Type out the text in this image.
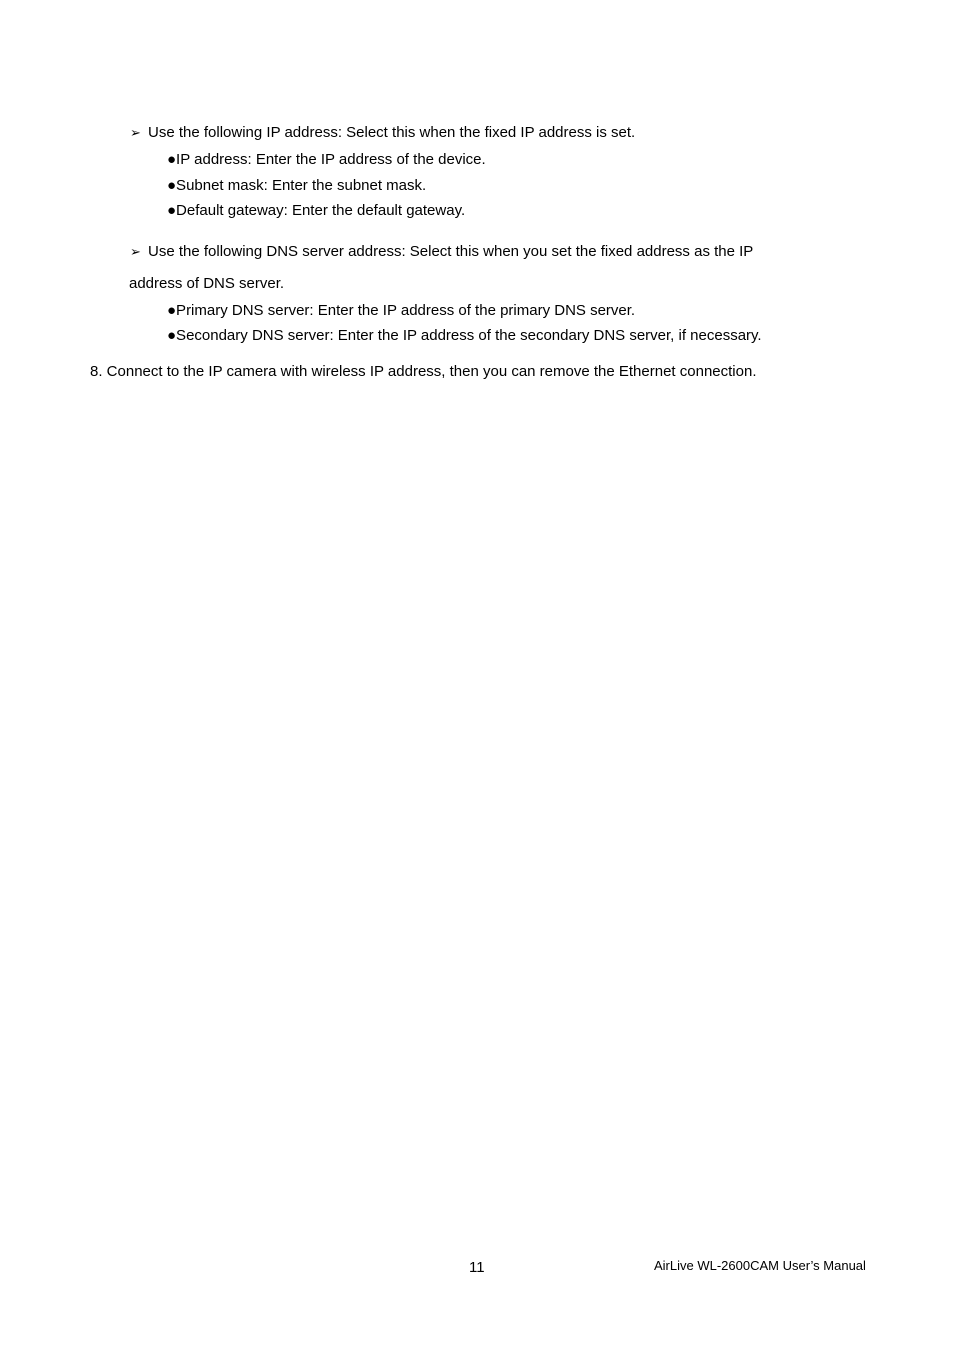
➢ Use the following IP address: Select this when the fixed IP address is set.
●IP address: Enter the IP address of the device.
●Subnet mask: Enter the subnet mask.
●Default gateway: Enter the default gateway.
➢ Use the following DNS server address: Select this when you set the fixed address as the IP
address of DNS server.
●Primary DNS server: Enter the IP address of the primary DNS server.
●Secondary DNS server: Enter the IP address of the secondary DNS server, if necessary.
8. Connect to the IP camera with wireless IP address, then you can remove the Ethernet connection.
11	AirLive WL-2600CAM User’s Manual
